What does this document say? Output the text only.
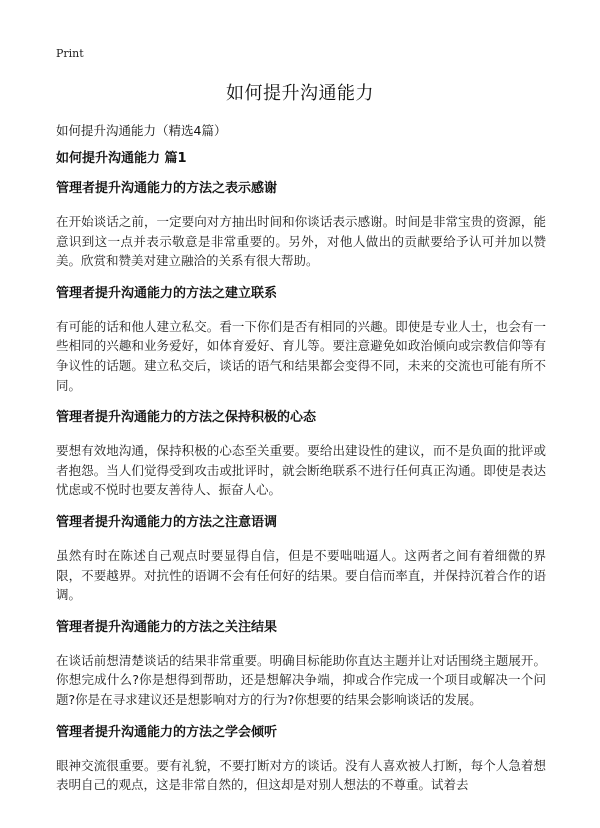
Print
如何提升沟通能力
如何提升沟通能力（精选4篇）
如何提升沟通能力 篇1
管理者提升沟通能力的方法之表示感谢

在开始谈话之前，一定要向对方抽出时间和你谈话表示感谢。时间是非常宝贵的资源，能意识到这一点并表示敬意是非常重要的。另外，对他人做出的贡献要给予认可并加以赞美。欣赏和赞美对建立融洽的关系有很大帮助。

管理者提升沟通能力的方法之建立联系

有可能的话和他人建立私交。看一下你们是否有相同的兴趣。即使是专业人士，也会有一些相同的兴趣和业务爱好，如体育爱好、育儿等。要注意避免如政治倾向或宗教信仰等有争议性的话题。建立私交后，谈话的语气和结果都会变得不同，未来的交流也可能有所不同。

管理者提升沟通能力的方法之保持积极的心态

要想有效地沟通，保持积极的心态至关重要。要给出建设性的建议，而不是负面的批评或者抱怨。当人们觉得受到攻击或批评时，就会断绝联系不进行任何真正沟通。即使是表达忧虑或不悦时也要友善待人、振奋人心。

管理者提升沟通能力的方法之注意语调

虽然有时在陈述自己观点时要显得自信，但是不要咄咄逼人。这两者之间有着细微的界限，不要越界。对抗性的语调不会有任何好的结果。要自信而率直，并保持沉着合作的语调。

管理者提升沟通能力的方法之关注结果

在谈话前想清楚谈话的结果非常重要。明确目标能助你直达主题并让对话围绕主题展开。你想完成什么?你是想得到帮助，还是想解决争端，抑或合作完成一个项目或解决一个问题?你是在寻求建议还是想影响对方的行为?你想要的结果会影响谈话的发展。

管理者提升沟通能力的方法之学会倾听

眼神交流很重要。要有礼貌，不要打断对方的谈话。没有人喜欢被人打断，每个人急着想表明自己的观点，这是非常自然的，但这却是对别人想法的不尊重。试着去
